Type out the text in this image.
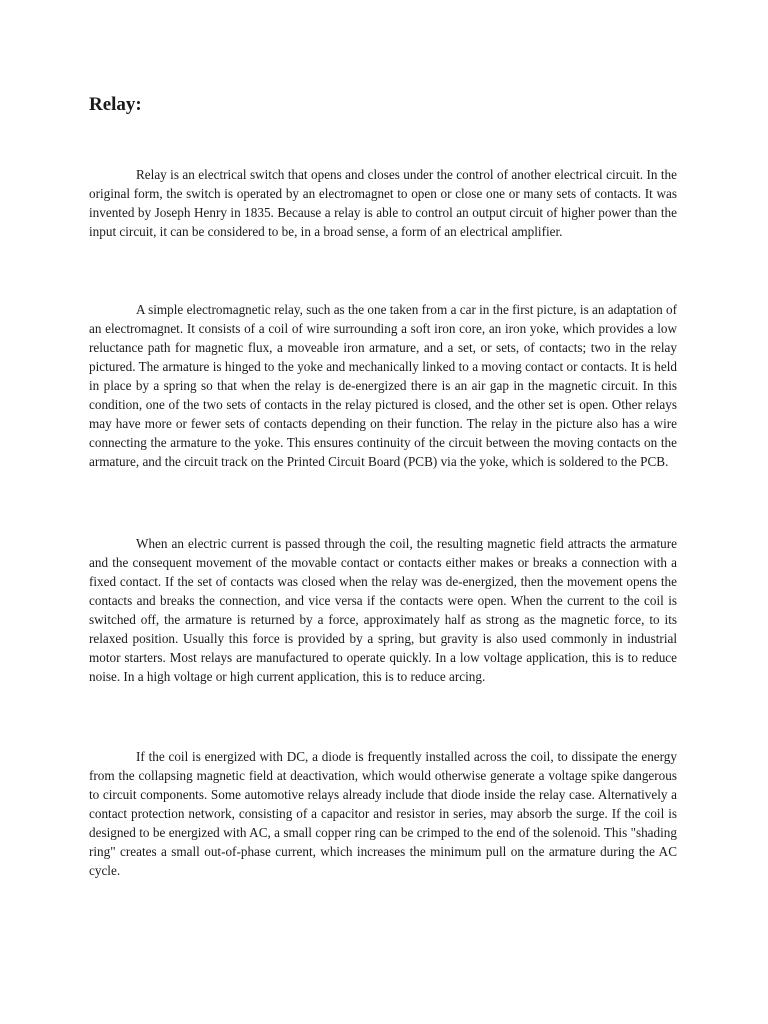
Relay:

Relay is an electrical switch that opens and closes under the control of another electrical circuit. In the original form, the switch is operated by an electromagnet to open or close one or many sets of contacts. It was invented by Joseph Henry in 1835. Because a relay is able to control an output circuit of higher power than the input circuit, it can be considered to be, in a broad sense, a form of an electrical amplifier.

A simple electromagnetic relay, such as the one taken from a car in the first picture, is an adaptation of an electromagnet. It consists of a coil of wire surrounding a soft iron core, an iron yoke, which provides a low reluctance path for magnetic flux, a moveable iron armature, and a set, or sets, of contacts; two in the relay pictured. The armature is hinged to the yoke and mechanically linked to a moving contact or contacts. It is held in place by a spring so that when the relay is de-energized there is an air gap in the magnetic circuit. In this condition, one of the two sets of contacts in the relay pictured is closed, and the other set is open. Other relays may have more or fewer sets of contacts depending on their function. The relay in the picture also has a wire connecting the armature to the yoke. This ensures continuity of the circuit between the moving contacts on the armature, and the circuit track on the Printed Circuit Board (PCB) via the yoke, which is soldered to the PCB.

When an electric current is passed through the coil, the resulting magnetic field attracts the armature and the consequent movement of the movable contact or contacts either makes or breaks a connection with a fixed contact. If the set of contacts was closed when the relay was de-energized, then the movement opens the contacts and breaks the connection, and vice versa if the contacts were open. When the current to the coil is switched off, the armature is returned by a force, approximately half as strong as the magnetic force, to its relaxed position. Usually this force is provided by a spring, but gravity is also used commonly in industrial motor starters. Most relays are manufactured to operate quickly. In a low voltage application, this is to reduce noise. In a high voltage or high current application, this is to reduce arcing.

If the coil is energized with DC, a diode is frequently installed across the coil, to dissipate the energy from the collapsing magnetic field at deactivation, which would otherwise generate a voltage spike dangerous to circuit components. Some automotive relays already include that diode inside the relay case. Alternatively a contact protection network, consisting of a capacitor and resistor in series, may absorb the surge. If the coil is designed to be energized with AC, a small copper ring can be crimped to the end of the solenoid. This "shading ring" creates a small out-of-phase current, which increases the minimum pull on the armature during the AC cycle.
